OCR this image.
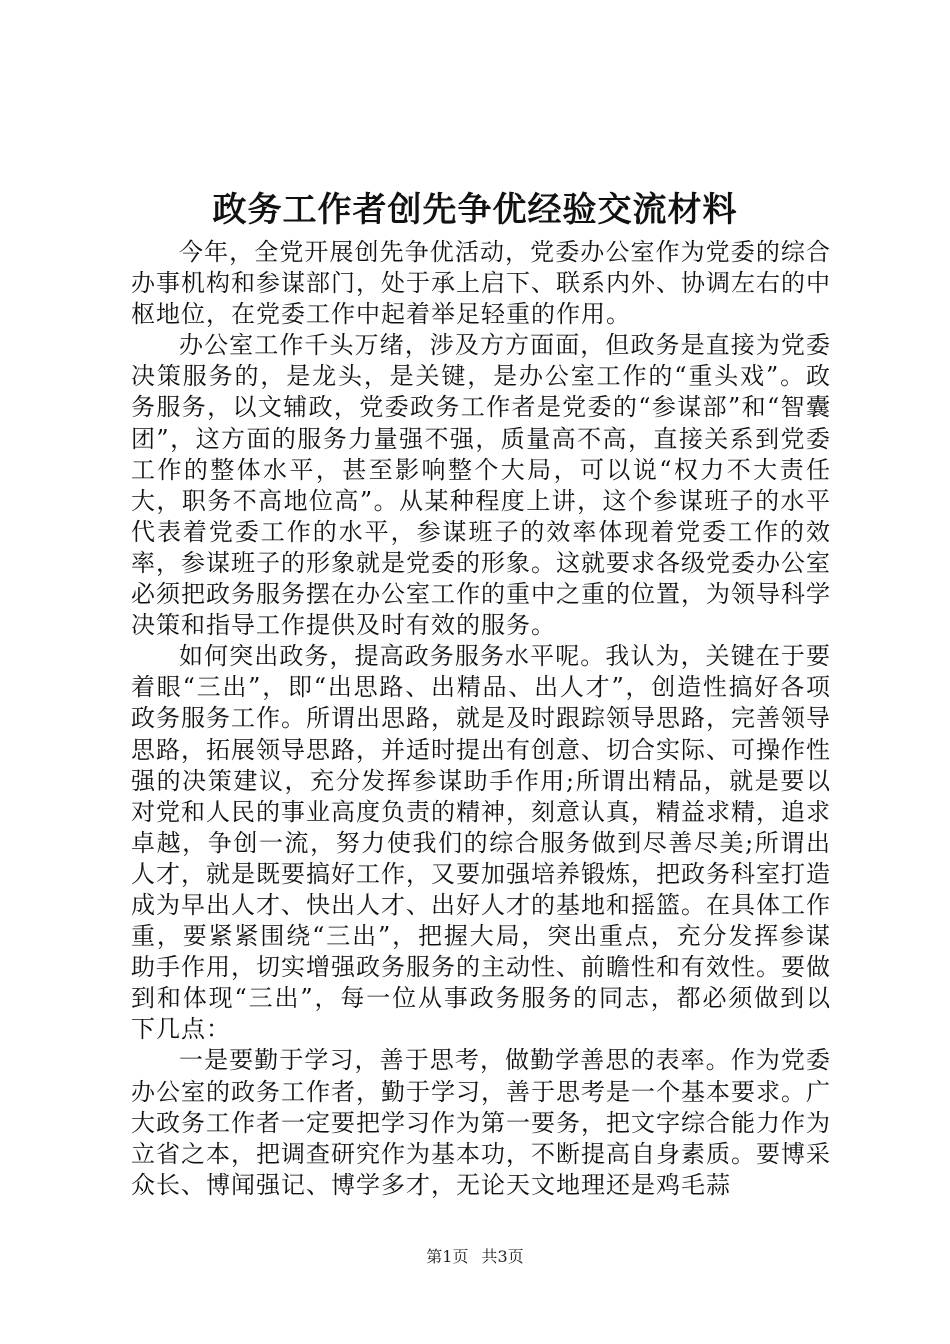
政务工作者创先争优经验交流材料

今年，全党开展创先争优活动，党委办公室作为党委的综合办事机构和参谋部门，处于承上启下、联系内外、协调左右的中枢地位，在党委工作中起着举足轻重的作用。

办公室工作千头万绪，涉及方方面面，但政务是直接为党委决策服务的，是龙头，是关键，是办公室工作的“重头戏”。政务服务，以文辅政，党委政务工作者是党委的“参谋部”和“智囊团”，这方面的服务力量强不强，质量高不高，直接关系到党委工作的整体水平，甚至影响整个大局，可以说“权力不大责任大，职务不高地位高”。从某种程度上讲，这个参谋班子的水平代表着党委工作的水平，参谋班子的效率体现着党委工作的效率，参谋班子的形象就是党委的形象。这就要求各级党委办公室必须把政务服务摆在办公室工作的重中之重的位置，为领导科学决策和指导工作提供及时有效的服务。

如何突出政务，提高政务服务水平呢。我认为，关键在于要着眼“三出”，即“出思路、出精品、出人才”，创造性搞好各项政务服务工作。所谓出思路，就是及时跟踪领导思路，完善领导思路，拓展领导思路，并适时提出有创意、切合实际、可操作性强的决策建议，充分发挥参谋助手作用;所谓出精品，就是要以对党和人民的事业高度负责的精神，刻意认真，精益求精，追求卓越，争创一流，努力使我们的综合服务做到尽善尽美;所谓出人才，就是既要搞好工作，又要加强培养锻炼，把政务科室打造成为早出人才、快出人才、出好人才的基地和摇篮。在具体工作重，要紧紧围绕“三出”，把握大局，突出重点，充分发挥参谋助手作用，切实增强政务服务的主动性、前瞻性和有效性。要做到和体现“三出”，每一位从事政务服务的同志，都必须做到以下几点：

一是要勤于学习，善于思考，做勤学善思的表率。作为党委办公室的政务工作者，勤于学习，善于思考是一个基本要求。广大政务工作者一定要把学习作为第一要务，把文字综合能力作为立省之本，把调查研究作为基本功，不断提高自身素质。要博采众长、博闻强记、博学多才，无论天文地理还是鸡毛蒜

第1页 共3页
